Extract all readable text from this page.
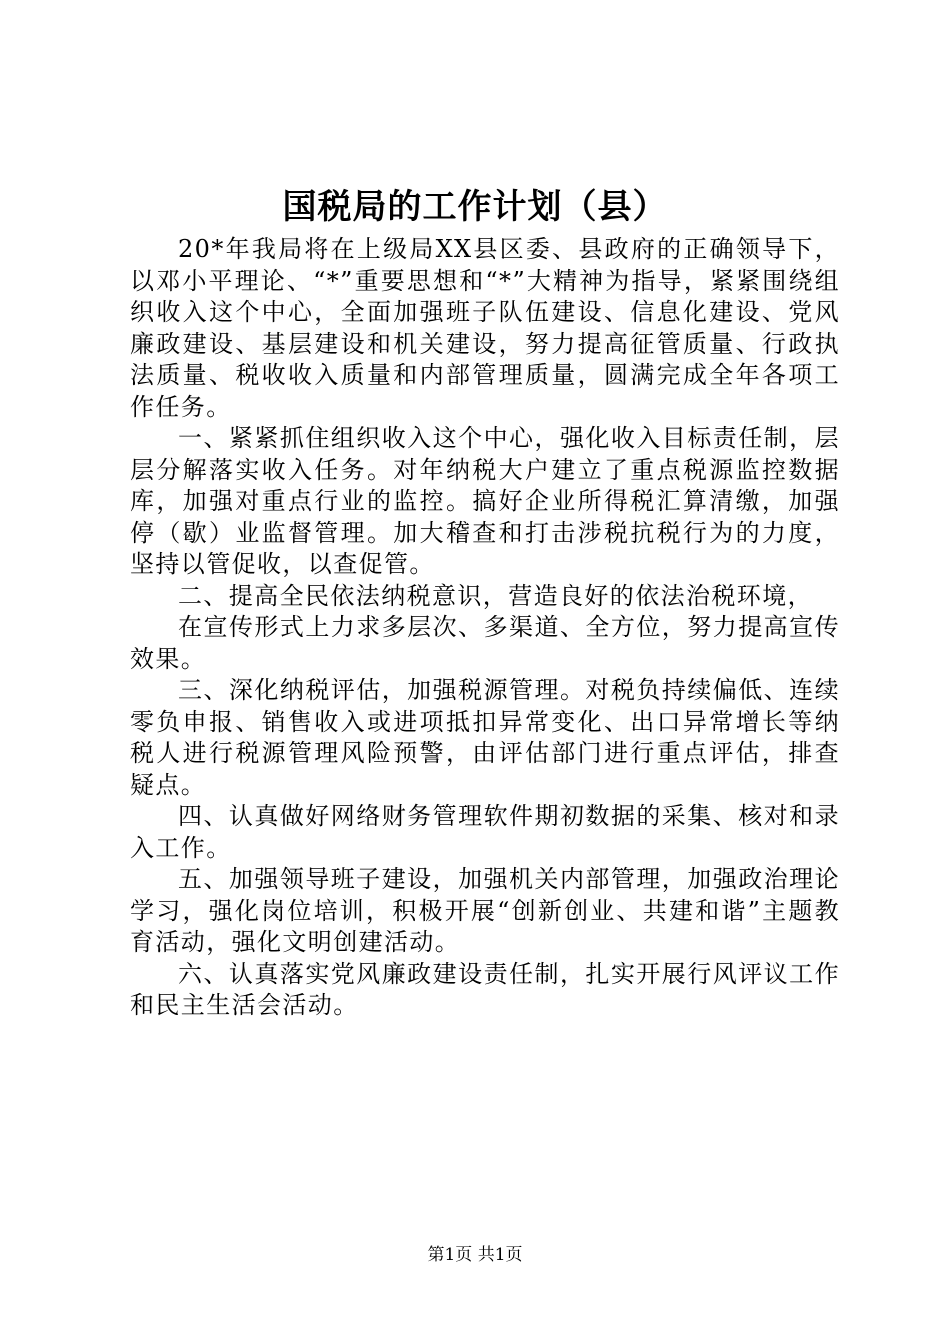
国税局的工作计划（县）

20*年我局将在上级局XX县区委、县政府的正确领导下，以邓小平理论、“*”重要思想和“*”大精神为指导，紧紧围绕组织收入这个中心，全面加强班子队伍建设、信息化建设、党风廉政建设、基层建设和机关建设，努力提高征管质量、行政执法质量、税收收入质量和内部管理质量，圆满完成全年各项工作任务。

一、紧紧抓住组织收入这个中心，强化收入目标责任制，层层分解落实收入任务。对年纳税大户建立了重点税源监控数据库，加强对重点行业的监控。搞好企业所得税汇算清缴，加强停（歇）业监督管理。加大稽查和打击涉税抗税行为的力度，坚持以管促收，以查促管。

二、提高全民依法纳税意识，营造良好的依法治税环境，

在宣传形式上力求多层次、多渠道、全方位，努力提高宣传效果。

三、深化纳税评估，加强税源管理。对税负持续偏低、连续零负申报、销售收入或进项抵扣异常变化、出口异常增长等纳税人进行税源管理风险预警，由评估部门进行重点评估，排查疑点。

四、认真做好网络财务管理软件期初数据的采集、核对和录入工作。

五、加强领导班子建设，加强机关内部管理，加强政治理论学习，强化岗位培训，积极开展“创新创业、共建和谐”主题教育活动，强化文明创建活动。

六、认真落实党风廉政建设责任制，扎实开展行风评议工作和民主生活会活动。

第1页 共1页
